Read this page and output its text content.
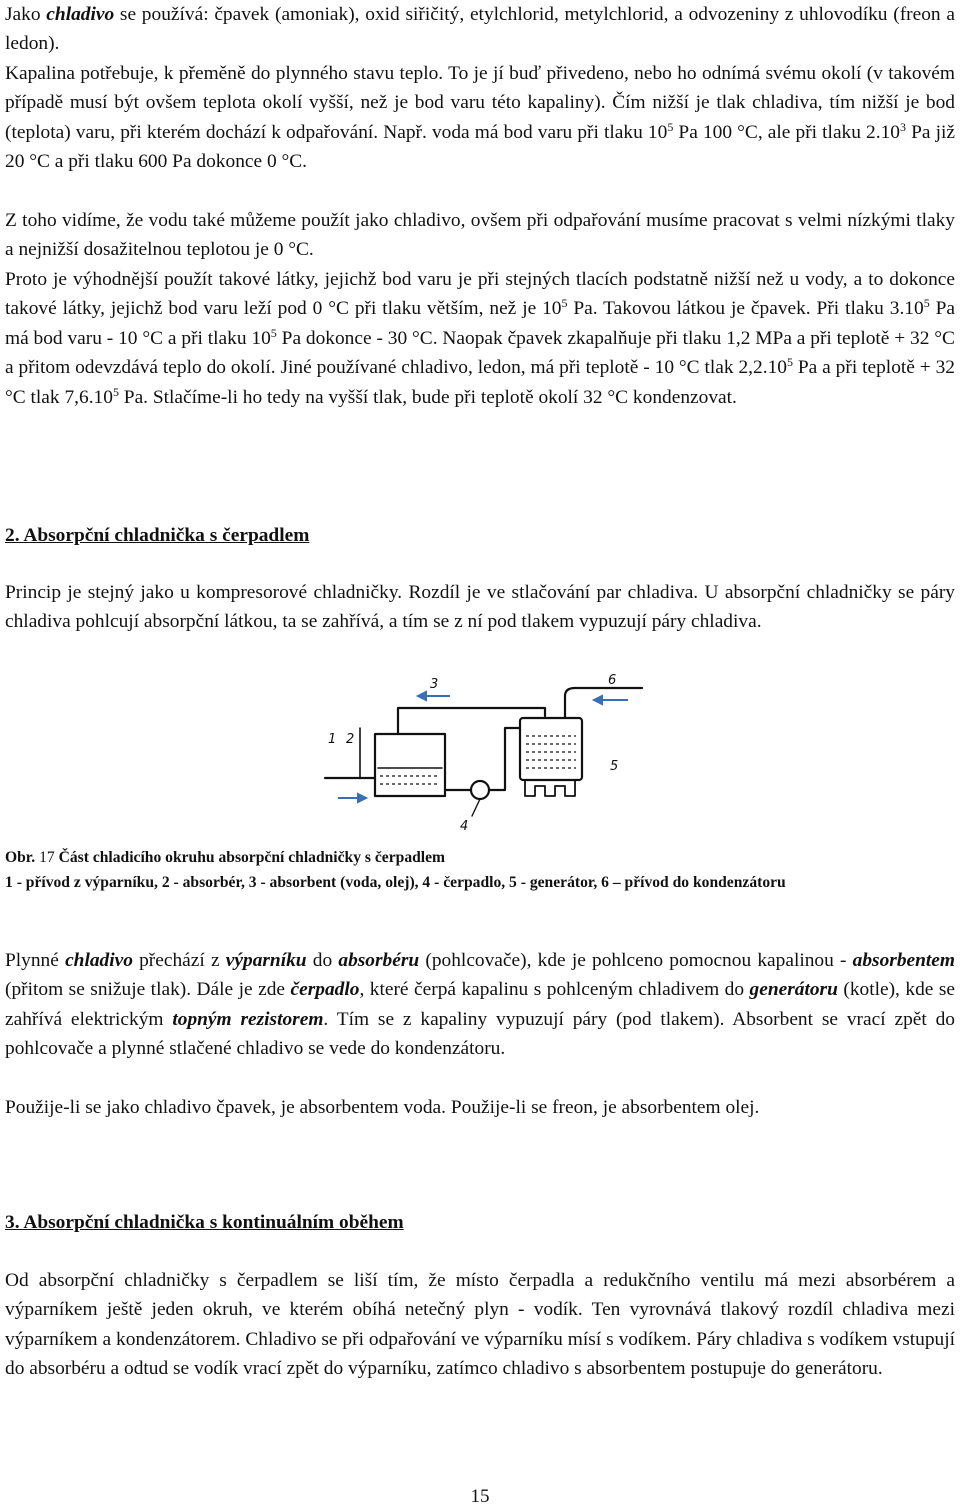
Jako chladivo se používá: čpavek (amoniak), oxid siřičitý, etylchlorid, metylchlorid, a odvozeniny z uhlovodíku (freon a ledon).

Kapalina potřebuje, k přeměně do plynného stavu teplo. To je jí buď přivedeno, nebo ho odnímá svému okolí (v takovém případě musí být ovšem teplota okolí vyšší, než je bod varu této kapaliny). Čím nižší je tlak chladiva, tím nižší je bod (teplota) varu, při kterém dochází k odpařování. Např. voda má bod varu při tlaku $10^5$ Pa 100 °C, ale při tlaku 2.10$^3$ Pa již 20 °C a při tlaku 600 Pa dokonce 0 °C.

Z toho vidíme, že vodu také můžeme použít jako chladivo, ovšem při odpařování musíme pracovat s velmi nízkými tlaky a nejnižší dosažitelnou teplotou je 0 °C.

Proto je výhodnější použít takové látky, jejichž bod varu je při stejných tlacích podstatně nižší než u vody, a to dokonce takové látky, jejichž bod varu leží pod 0 °C při tlaku větším, než je $10^5$ Pa. Takovou látkou je čpavek. Při tlaku 3.10$^5$ Pa má bod varu - 10 °C a při tlaku $10^5$ Pa dokonce - 30 °C. Naopak čpavek zkapalňuje při tlaku 1,2 MPa a při teplotě + 32 °C a přitom odevzdává teplo do okolí. Jiné používané chladivo, ledon, má při teplotě - 10 °C tlak 2,2.10$^5$ Pa a při teplotě + 32 °C tlak 7,6.10$^5$ Pa. Stlačíme-li ho tedy na vyšší tlak, bude při teplotě okolí 32 °C kondenzovat.

2. Absorpční chladnička s čerpadlem

Princip je stejný jako u kompresorové chladničky. Rozdíl je ve stlačování par chladiva. U absorpční chladničky se páry chladiva pohlcují absorpční látkou, ta se zahřívá, a tím se z ní pod tlakem vypuzují páry chladiva.

1 2
3
4
5
6

Obr. 17 Část chladicího okruhu absorpční chladničky s čerpadlem

1 - přívod z výparníku, 2 - absorbér, 3 - absorbent (voda, olej), 4 - čerpadlo, 5 - generátor, 6 – přívod do kondenzátoru

Plynné chladivo přechází z výparníku do absorbéru (pohlcovače), kde je pohlceno pomocnou kapalinou - absorbentem (přitom se snižuje tlak). Dále je zde čerpadlo, které čerpá kapalinu s pohlceným chladivem do generátoru (kotle), kde se zahřívá elektrickým topným rezistorem. Tím se z kapaliny vypuzují páry (pod tlakem). Absorbent se vrací zpět do pohlcovače a plynné stlačené chladivo se vede do kondenzátoru.

Použije-li se jako chladivo čpavek, je absorbentem voda. Použije-li se freon, je absorbentem olej.

3. Absorpční chladnička s kontinuálním oběhem

Od absorpční chladničky s čerpadlem se liší tím, že místo čerpadla a redukčního ventilu má mezi absorbérem a výparníkem ještě jeden okruh, ve kterém obíhá netečný plyn - vodík. Ten vyrovnává tlakový rozdíl chladiva mezi výparníkem a kondenzátorem. Chladivo se při odpařování ve výparníku mísí s vodíkem. Páry chladiva s vodíkem vstupují do absorbéru a odtud se vodík vrací zpět do výparníku, zatímco chladivo s absorbentem postupuje do generátoru.

15
